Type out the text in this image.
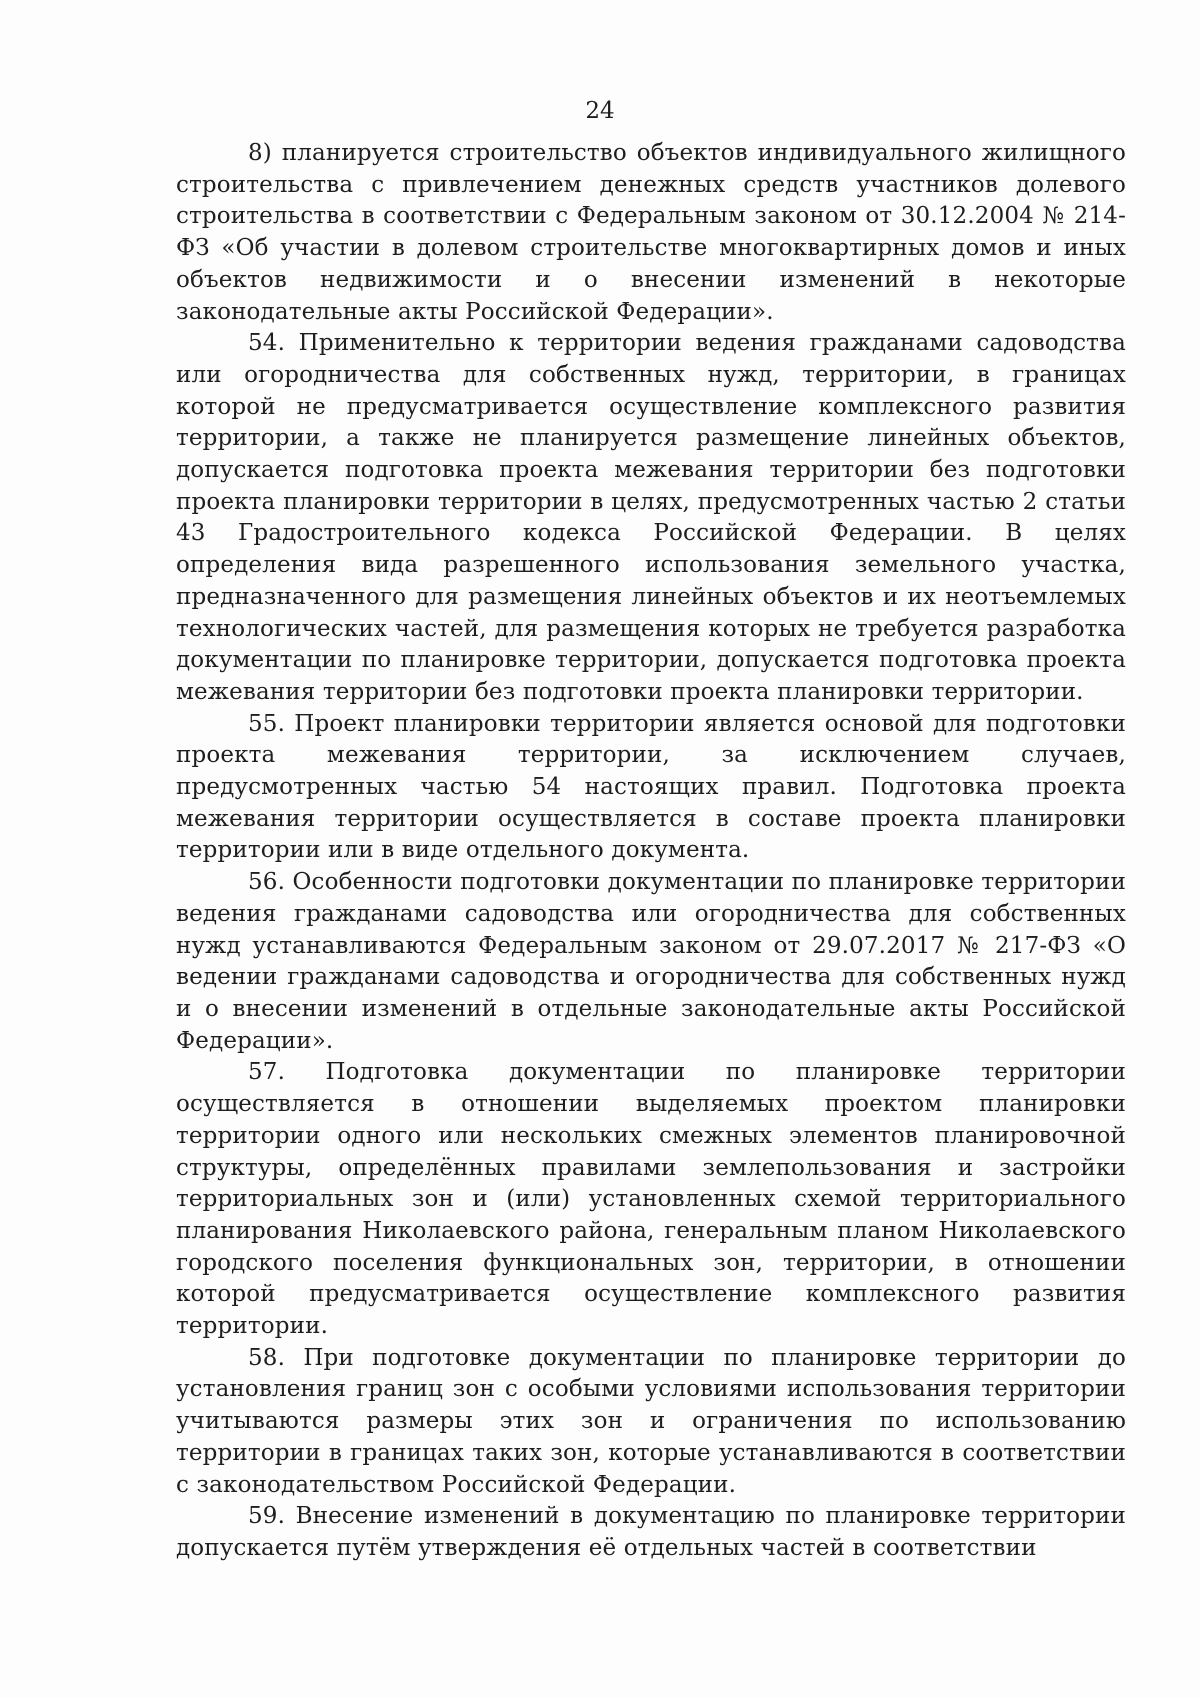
24

8) планируется строительство объектов индивидуального жилищного строительства с привлечением денежных средств участников долевого строительства в соответствии с Федеральным законом от 30.12.2004 № 214-ФЗ «Об участии в долевом строительстве многоквартирных домов и иных объектов недвижимости и о внесении изменений в некоторые законодательные акты Российской Федерации».

54. Применительно к территории ведения гражданами садоводства или огородничества для собственных нужд, территории, в границах которой не предусматривается осуществление комплексного развития территории, а также не планируется размещение линейных объектов, допускается подготовка проекта межевания территории без подготовки проекта планировки территории в целях, предусмотренных частью 2 статьи 43 Градостроительного кодекса Российской Федерации. В целях определения вида разрешенного использования земельного участка, предназначенного для размещения линейных объектов и их неотъемлемых технологических частей, для размещения которых не требуется разработка документации по планировке территории, допускается подготовка проекта межевания территории без подготовки проекта планировки территории.

55. Проект планировки территории является основой для подготовки проекта межевания территории, за исключением случаев, предусмотренных частью 54 настоящих правил. Подготовка проекта межевания территории осуществляется в составе проекта планировки территории или в виде отдельного документа.

56. Особенности подготовки документации по планировке территории ведения гражданами садоводства или огородничества для собственных нужд устанавливаются Федеральным законом от 29.07.2017 № 217-ФЗ «О ведении гражданами садоводства и огородничества для собственных нужд и о внесении изменений в отдельные законодательные акты Российской Федерации».

57. Подготовка документации по планировке территории осуществляется в отношении выделяемых проектом планировки территории одного или нескольких смежных элементов планировочной структуры, определённых правилами землепользования и застройки территориальных зон и (или) установленных схемой территориального планирования Николаевского района, генеральным планом Николаевского городского поселения функциональных зон, территории, в отношении которой предусматривается осуществление комплексного развития территории.

58. При подготовке документации по планировке территории до установления границ зон с особыми условиями использования территории учитываются размеры этих зон и ограничения по использованию территории в границах таких зон, которые устанавливаются в соответствии с законодательством Российской Федерации.

59. Внесение изменений в документацию по планировке территории допускается путём утверждения её отдельных частей в соответствии
